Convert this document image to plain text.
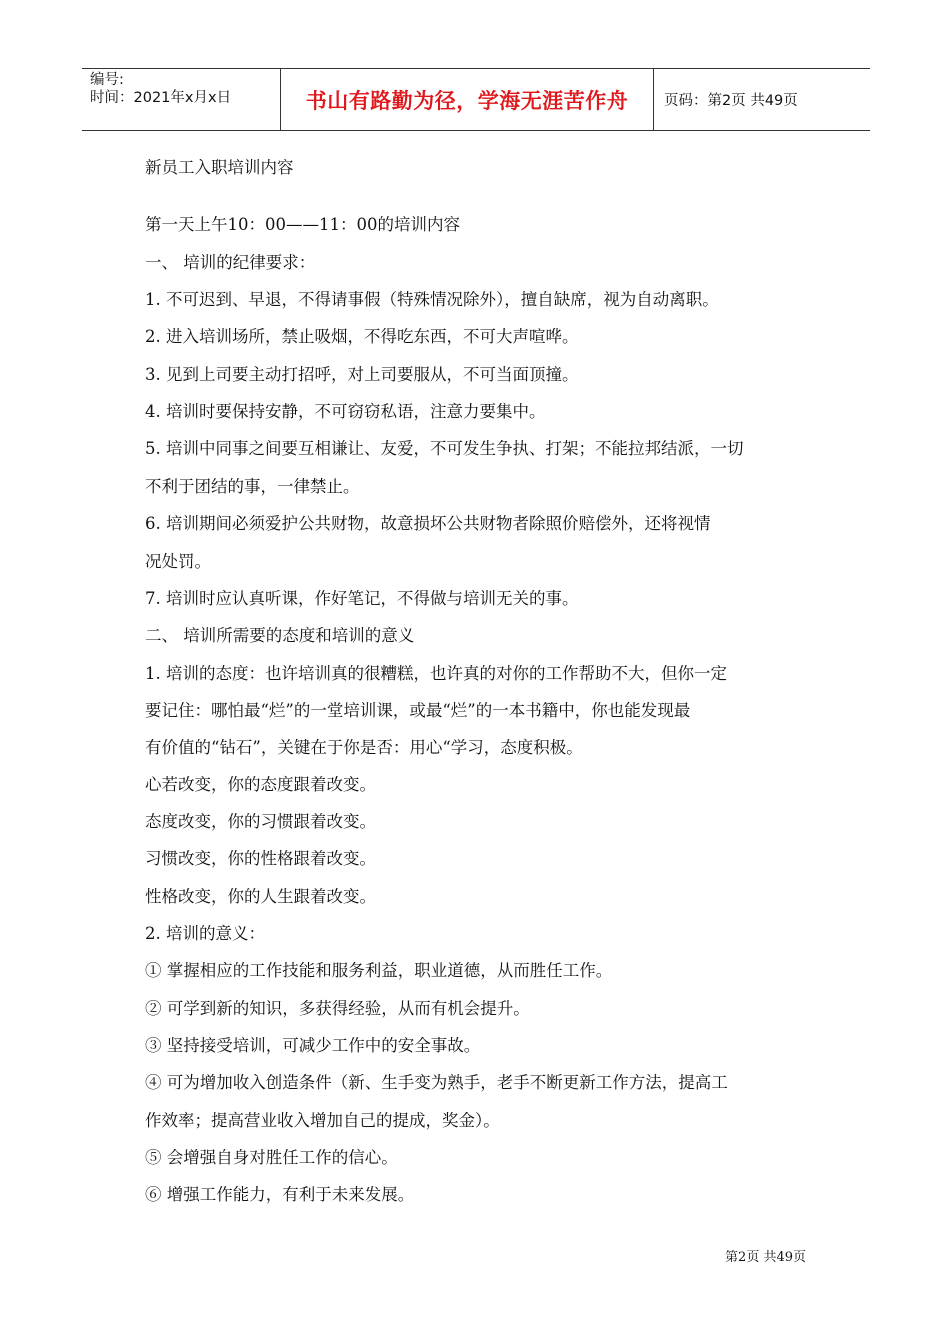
编号:
时间：2021年x月x日	书山有路勤为径，学海无涯苦作舟 页码：第2页 共49页
新员工入职培训内容
第一天上午10：00——11：00的培训内容
一、 培训的纪律要求：
1. 不可迟到、早退，不得请事假（特殊情况除外），擅自缺席，视为自动离职。
2. 进入培训场所，禁止吸烟，不得吃东西，不可大声喧哗。
3. 见到上司要主动打招呼，对上司要服从，不可当面顶撞。
4. 培训时要保持安静，不可窃窃私语，注意力要集中。
5. 培训中同事之间要互相谦让、友爱，不可发生争执、打架；不能拉邦结派，一切
不利于团结的事，一律禁止。
6. 培训期间必须爱护公共财物，故意损坏公共财物者除照价赔偿外，还将视情
况处罚。
7. 培训时应认真听课，作好笔记，不得做与培训无关的事。
二、 培训所需要的态度和培训的意义
1. 培训的态度：也许培训真的很糟糕，也许真的对你的工作帮助不大，但你一定
要记住：哪怕最“烂”的一堂培训课，或最“烂”的一本书籍中，你也能发现最
有价值的“钻石”，关键在于你是否：用心“学习，态度积极。
心若改变，你的态度跟着改变。
态度改变，你的习惯跟着改变。
习惯改变，你的性格跟着改变。
性格改变，你的人生跟着改变。
2. 培训的意义：
① 掌握相应的工作技能和服务利益，职业道德，从而胜任工作。
② 可学到新的知识，多获得经验，从而有机会提升。
③ 坚持接受培训，可减少工作中的安全事故。
④ 可为增加收入创造条件（新、生手变为熟手，老手不断更新工作方法，提高工
作效率；提高营业收入增加自己的提成，奖金）。
⑤ 会增强自身对胜任工作的信心。
⑥ 增强工作能力，有利于未来发展。
第2页 共49页
